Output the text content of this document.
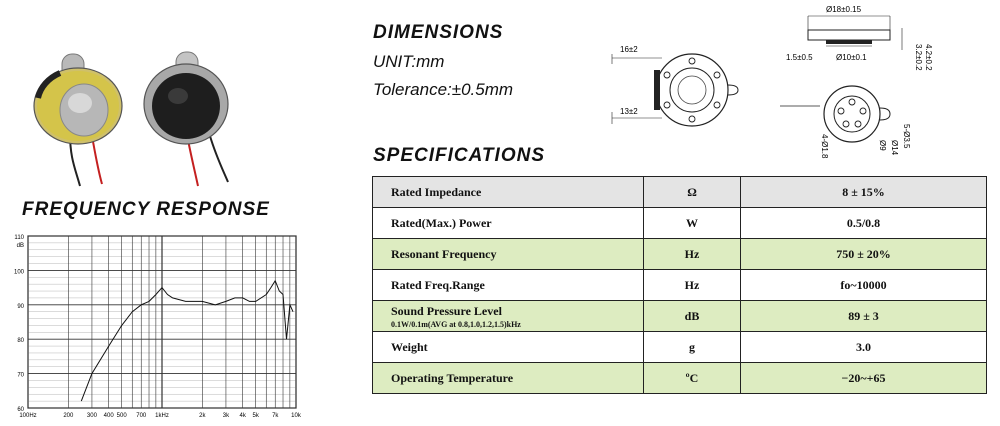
FREQUENCY RESPONSE
DIMENSIONS
UNIT:mm
Tolerance:±0.5mm
SPECIFICATIONS
110
100
90
80
70
60
dB
100Hz	200 300 400 500 700 1kHz	2k	3k 4k 5k 7k 10k
16±2
13±2
Ø18±0.15
1.5±0.5	Ø10±0.1	4.2±0.2
3.2±0.2
4-Ø1.8	Ø9 Ø14 5-Ø3.5
Rated Impedance	Ω	8 ± 15%
Rated(Max.) Power	W	0.5/0.8
Resonant Frequency	Hz	750 ± 20%
Rated Freq.Range	Hz	fo~10000
Sound Pressure Level
0.1W/0.1m(AVG at 0.8,1.0,1.2,1.5)kHz	dB	89 ± 3
Weight	g	3.0
Operating Temperature	ºC	−20~+65
